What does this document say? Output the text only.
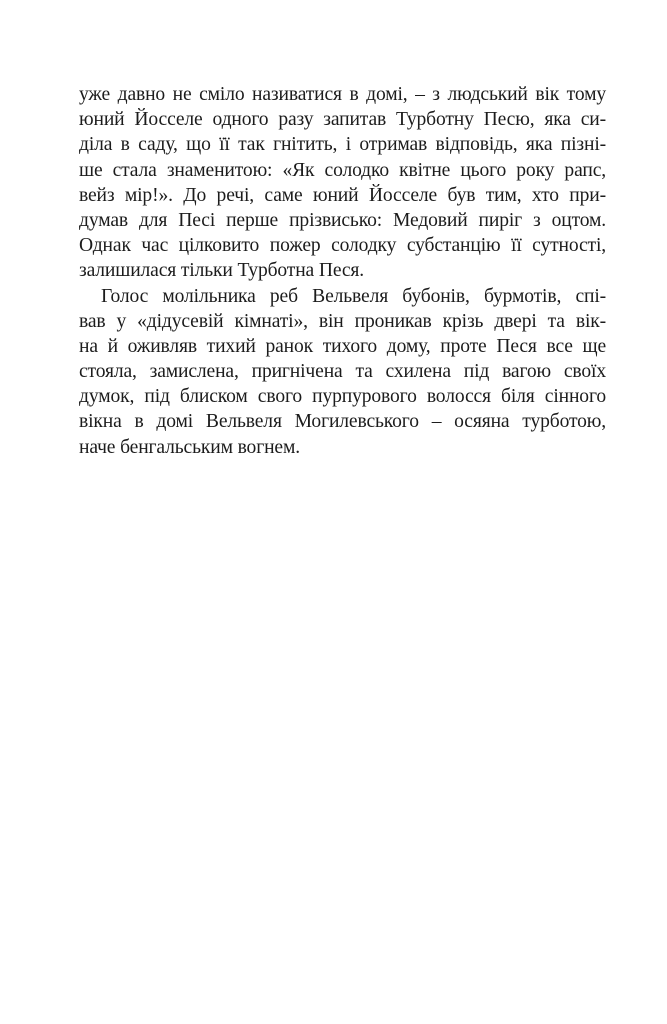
уже давно не сміло називатися в домі, – з людський вік тому
юний Йосселе одного разу запитав Турботну Песю, яка си-
діла в саду, що її так гнітить, і отримав відповідь, яка пізні-
ше стала знаменитою: «Як солодко квітне цього року рапс,
вейз мір!». До речі, саме юний Йосселе був тим, хто при-
думав для Песі перше прізвисько: Медовий пиріг з оцтом.
Однак час цілковито пожер солодку субстанцію її сутності,
залишилася тільки Турботна Песя.
Голос молільника реб Вельвеля бубонів, бурмотів, спі-
вав у «дідусевій кімнаті», він проникав крізь двері та вік-
на й оживляв тихий ранок тихого дому, проте Песя все ще
стояла, замислена, пригнічена та схилена під вагою своїх
думок, під блиском свого пурпурового волосся біля сінного
вікна в домі Вельвеля Могилевського – осяяна турботою,
наче бенгальським вогнем.
